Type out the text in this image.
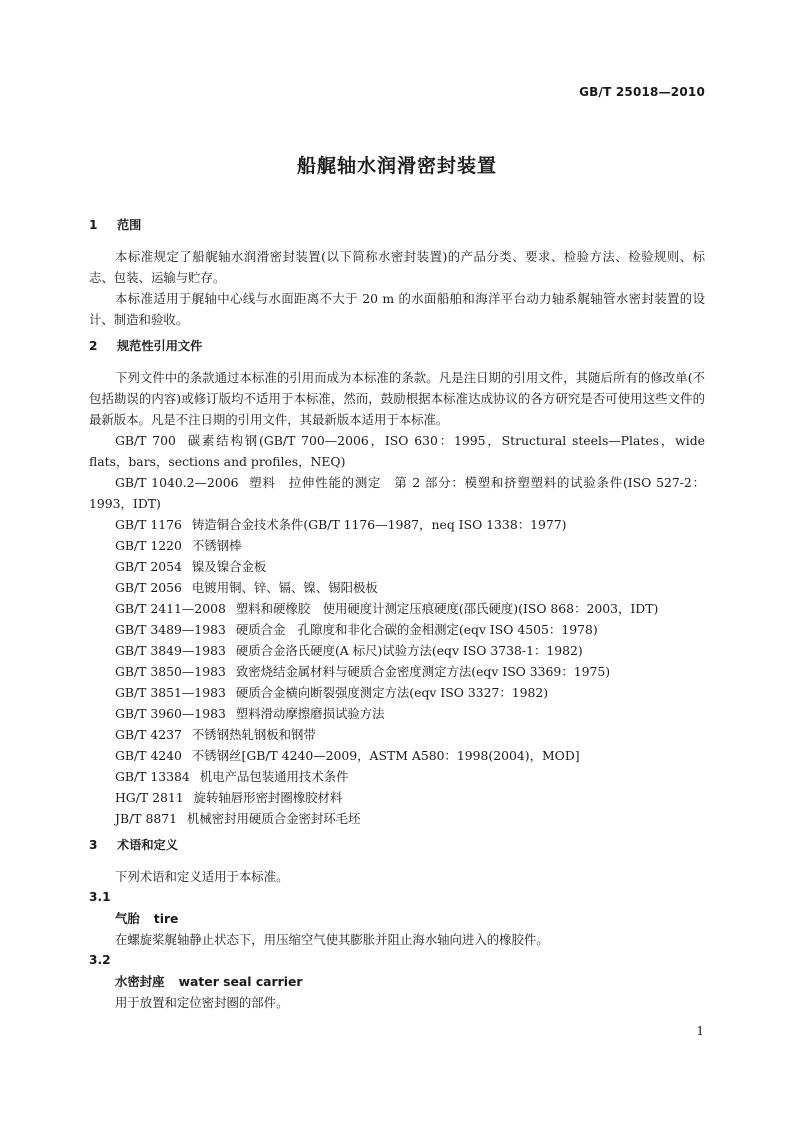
GB/T 25018—2010
船艉轴水润滑密封装置
1 范围

本标准规定了船艉轴水润滑密封装置(以下简称水密封装置)的产品分类、要求、检验方法、检验规则、标志、包装、运输与贮存。

本标准适用于艉轴中心线与水面距离不大于 20 m 的水面船舶和海洋平台动力轴系艉轴管水密封装置的设计、制造和验收。

2 规范性引用文件

下列文件中的条款通过本标准的引用而成为本标准的条款。凡是注日期的引用文件，其随后所有的修改单(不包括勘误的内容)或修订版均不适用于本标准，然而，鼓励根据本标准达成协议的各方研究是否可使用这些文件的最新版本。凡是不注日期的引用文件，其最新版本适用于本标准。

GB/T 700 碳素结构钢(GB/T 700—2006，ISO 630：1995，Structural steels—Plates，wide flats，bars，sections and profiles，NEQ)

GB/T 1040.2—2006 塑料　拉伸性能的测定　第 2 部分：模塑和挤塑塑料的试验条件(ISO 527-2：1993，IDT)

GB/T 1176 铸造铜合金技术条件(GB/T 1176—1987，neq ISO 1338：1977)

GB/T 1220 不锈钢棒

GB/T 2054 镍及镍合金板

GB/T 2056 电镀用铜、锌、镉、镍、锡阳极板

GB/T 2411—2008 塑料和硬橡胶　使用硬度计测定压痕硬度(邵氏硬度)(ISO 868：2003，IDT)

GB/T 3489—1983 硬质合金　孔隙度和非化合碳的金相测定(eqv ISO 4505：1978)

GB/T 3849—1983 硬质合金洛氏硬度(A 标尺)试验方法(eqv ISO 3738-1：1982)

GB/T 3850—1983 致密烧结金属材料与硬质合金密度测定方法(eqv ISO 3369：1975)

GB/T 3851—1983 硬质合金横向断裂强度测定方法(eqv ISO 3327：1982)

GB/T 3960—1983 塑料滑动摩擦磨损试验方法

GB/T 4237 不锈钢热轧钢板和钢带

GB/T 4240 不锈钢丝[GB/T 4240—2009，ASTM A580：1998(2004)，MOD]

GB/T 13384 机电产品包装通用技术条件

HG/T 2811 旋转轴唇形密封圈橡胶材料

JB/T 8871 机械密封用硬质合金密封环毛坯

3 术语和定义

下列术语和定义适用于本标准。

3.1

气胎 tire

在螺旋桨艉轴静止状态下，用压缩空气使其膨胀并阻止海水轴向进入的橡胶件。

3.2

水密封座 water seal carrier

用于放置和定位密封圈的部件。

1
